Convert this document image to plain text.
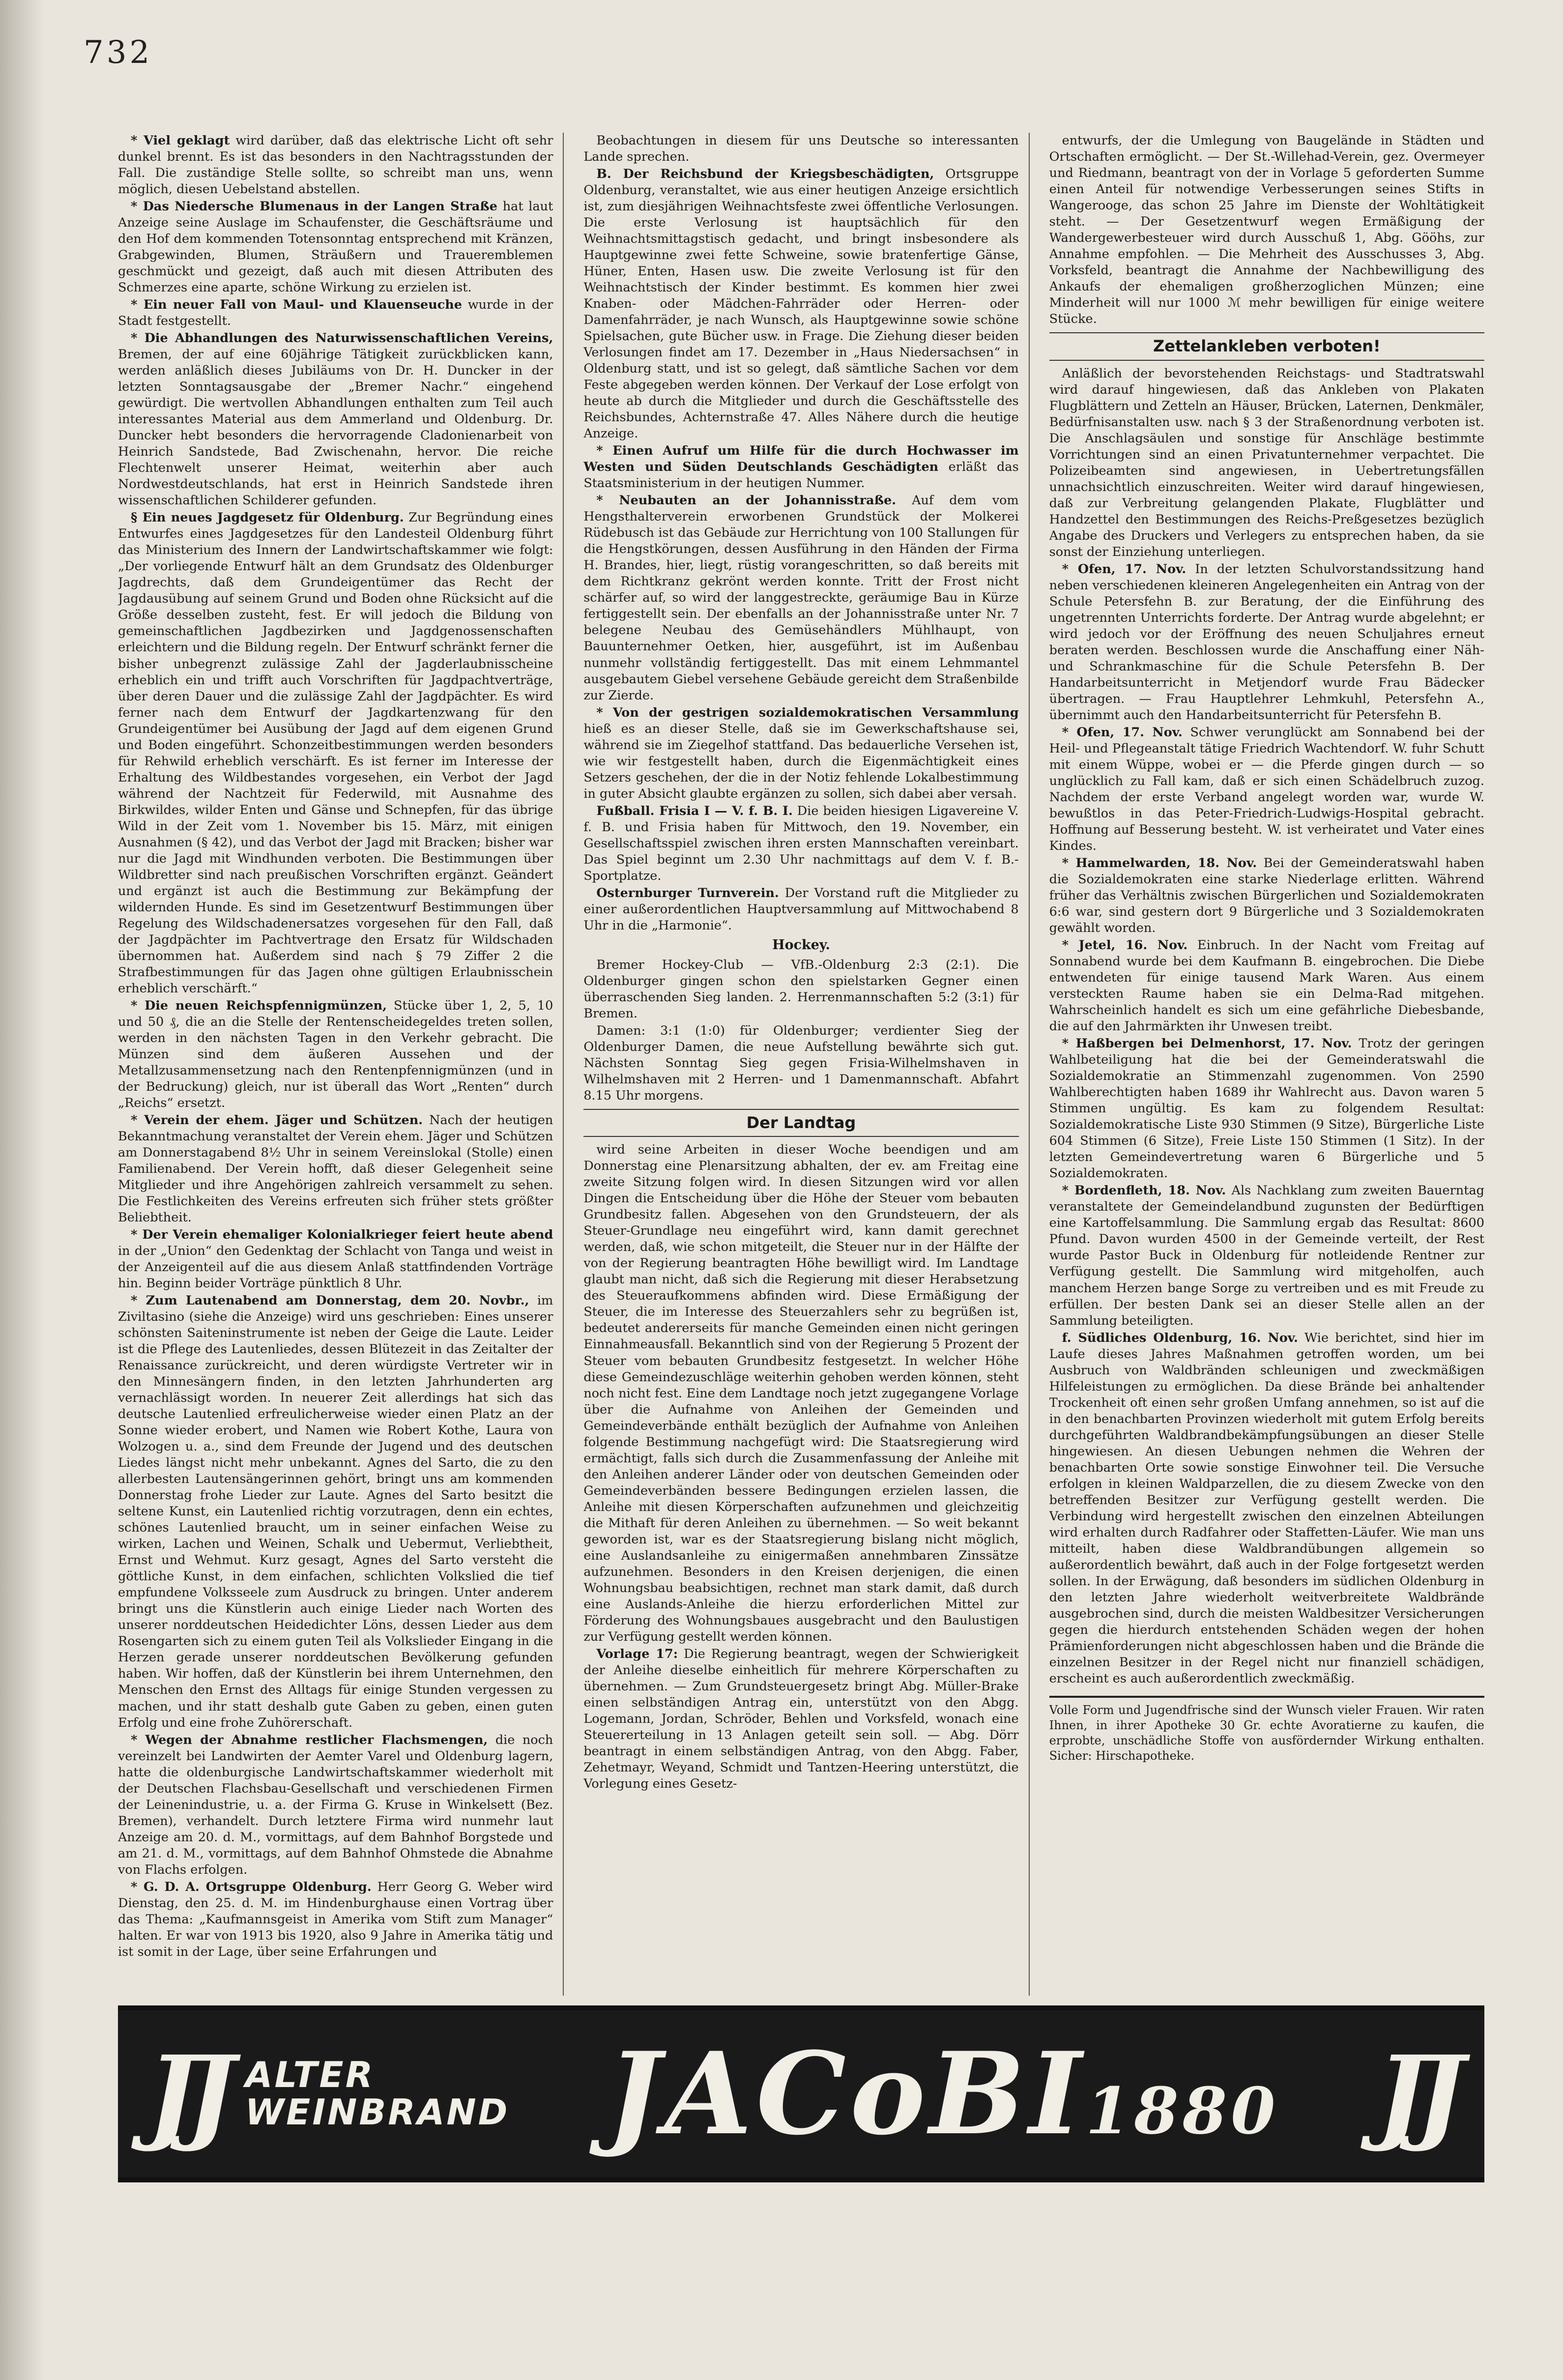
732

* Viel geklagt wird darüber, daß das elektrische Licht oft sehr dunkel brennt. Es ist das besonders in den Nachtragsstunden der Fall. Die zuständige Stelle sollte, so schreibt man uns, wenn möglich, diesen Uebelstand abstellen.

* Das Niedersche Blumenaus in der Langen Straße hat laut Anzeige seine Auslage im Schaufenster, die Geschäftsräume und den Hof dem kommenden Totensonntag entsprechend mit Kränzen, Grabgewinden, Blumen, Sträußern und Traueremblemen geschmückt und gezeigt, daß auch mit diesen Attributen des Schmerzes eine aparte, schöne Wirkung zu erzielen ist.

* Ein neuer Fall von Maul- und Klauenseuche wurde in der Stadt festgestellt.

* Die Abhandlungen des Naturwissenschaftlichen Vereins, Bremen, der auf eine 60jährige Tätigkeit zurückblicken kann, werden anläßlich dieses Jubiläums von Dr. H. Duncker in der letzten Sonntagsausgabe der „Bremer Nachr.“ eingehend gewürdigt. Die wertvollen Abhandlungen enthalten zum Teil auch interessantes Material aus dem Ammerland und Oldenburg. Dr. Duncker hebt besonders die hervorragende Cladonienarbeit von Heinrich Sandstede, Bad Zwischenahn, hervor. Die reiche Flechtenwelt unserer Heimat, weiterhin aber auch Nordwestdeutschlands, hat erst in Heinrich Sandstede ihren wissenschaftlichen Schilderer gefunden.

§ Ein neues Jagdgesetz für Oldenburg. Zur Begründung eines Entwurfes eines Jagdgesetzes für den Landesteil Oldenburg führt das Ministerium des Innern der Landwirtschaftskammer wie folgt: „Der vorliegende Entwurf hält an dem Grundsatz des Oldenburger Jagdrechts, daß dem Grundeigentümer das Recht der Jagdausübung auf seinem Grund und Boden ohne Rücksicht auf die Größe desselben zusteht, fest. Er will jedoch die Bildung von gemeinschaftlichen Jagdbezirken und Jagdgenossenschaften erleichtern und die Bildung regeln. Der Entwurf schränkt ferner die bisher unbegrenzt zulässige Zahl der Jagderlaubnisscheine erheblich ein und trifft auch Vorschriften für Jagdpachtverträge, über deren Dauer und die zulässige Zahl der Jagdpächter. Es wird ferner nach dem Entwurf der Jagdkartenzwang für den Grundeigentümer bei Ausübung der Jagd auf dem eigenen Grund und Boden eingeführt. Schonzeitbestimmungen werden besonders für Rehwild erheblich verschärft. Es ist ferner im Interesse der Erhaltung des Wildbestandes vorgesehen, ein Verbot der Jagd während der Nachtzeit für Federwild, mit Ausnahme des Birkwildes, wilder Enten und Gänse und Schnepfen, für das übrige Wild in der Zeit vom 1. November bis 15. März, mit einigen Ausnahmen (§ 42), und das Verbot der Jagd mit Bracken; bisher war nur die Jagd mit Windhunden verboten. Die Bestimmungen über Wildbretter sind nach preußischen Vorschriften ergänzt. Geändert und ergänzt ist auch die Bestimmung zur Bekämpfung der wildernden Hunde. Es sind im Gesetzentwurf Bestimmungen über Regelung des Wildschadenersatzes vorgesehen für den Fall, daß der Jagdpächter im Pachtvertrage den Ersatz für Wildschaden übernommen hat. Außerdem sind nach § 79 Ziffer 2 die Strafbestimmungen für das Jagen ohne gültigen Erlaubnisschein erheblich verschärft.“

* Die neuen Reichspfennigmünzen, Stücke über 1, 2, 5, 10 und 50 ₰, die an die Stelle der Rentenscheidegeldes treten sollen, werden in den nächsten Tagen in den Verkehr gebracht. Die Münzen sind dem äußeren Aussehen und der Metallzusammensetzung nach den Rentenpfennigmünzen (und in der Bedruckung) gleich, nur ist überall das Wort „Renten“ durch „Reichs“ ersetzt.

* Verein der ehem. Jäger und Schützen. Nach der heutigen Bekanntmachung veranstaltet der Verein ehem. Jäger und Schützen am Donnerstagabend 8½ Uhr in seinem Vereinslokal (Stolle) einen Familienabend. Der Verein hofft, daß dieser Gelegenheit seine Mitglieder und ihre Angehörigen zahlreich versammelt zu sehen. Die Festlichkeiten des Vereins erfreuten sich früher stets größter Beliebtheit.

* Der Verein ehemaliger Kolonialkrieger feiert heute abend in der „Union“ den Gedenktag der Schlacht von Tanga und weist in der Anzeigenteil auf die aus diesem Anlaß stattfindenden Vorträge hin. Beginn beider Vorträge pünktlich 8 Uhr.

* Zum Lautenabend am Donnerstag, dem 20. Novbr., im Ziviltasino (siehe die Anzeige) wird uns geschrieben: Eines unserer schönsten Saiteninstrumente ist neben der Geige die Laute. Leider ist die Pflege des Lautenliedes, dessen Blütezeit in das Zeitalter der Renaissance zurückreicht, und deren würdigste Vertreter wir in den Minnesängern finden, in den letzten Jahrhunderten arg vernachlässigt worden. In neuerer Zeit allerdings hat sich das deutsche Lautenlied erfreulicherweise wieder einen Platz an der Sonne wieder erobert, und Namen wie Robert Kothe, Laura von Wolzogen u. a., sind dem Freunde der Jugend und des deutschen Liedes längst nicht mehr unbekannt. Agnes del Sarto, die zu den allerbesten Lautensängerinnen gehört, bringt uns am kommenden Donnerstag frohe Lieder zur Laute. Agnes del Sarto besitzt die seltene Kunst, ein Lautenlied richtig vorzutragen, denn ein echtes, schönes Lautenlied braucht, um in seiner einfachen Weise zu wirken, Lachen und Weinen, Schalk und Uebermut, Verliebtheit, Ernst und Wehmut. Kurz gesagt, Agnes del Sarto versteht die göttliche Kunst, in dem einfachen, schlichten Volkslied die tief empfundene Volksseele zum Ausdruck zu bringen. Unter anderem bringt uns die Künstlerin auch einige Lieder nach Worten des unserer norddeutschen Heidedichter Löns, dessen Lieder aus dem Rosengarten sich zu einem guten Teil als Volkslieder Eingang in die Herzen gerade unserer norddeutschen Bevölkerung gefunden haben. Wir hoffen, daß der Künstlerin bei ihrem Unternehmen, den Menschen den Ernst des Alltags für einige Stunden vergessen zu machen, und ihr statt deshalb gute Gaben zu geben, einen guten Erfolg und eine frohe Zuhörerschaft.

* Wegen der Abnahme restlicher Flachsmengen, die noch vereinzelt bei Landwirten der Aemter Varel und Oldenburg lagern, hatte die oldenburgische Landwirtschaftskammer wiederholt mit der Deutschen Flachsbau-Gesellschaft und verschiedenen Firmen der Leinenindustrie, u. a. der Firma G. Kruse in Winkelsett (Bez. Bremen), verhandelt. Durch letztere Firma wird nunmehr laut Anzeige am 20. d. M., vormittags, auf dem Bahnhof Borgstede und am 21. d. M., vormittags, auf dem Bahnhof Ohmstede die Abnahme von Flachs erfolgen.

* G. D. A. Ortsgruppe Oldenburg. Herr Georg G. Weber wird Dienstag, den 25. d. M. im Hindenburghause einen Vortrag über das Thema: „Kaufmannsgeist in Amerika vom Stift zum Manager“ halten. Er war von 1913 bis 1920, also 9 Jahre in Amerika tätig und ist somit in der Lage, über seine Erfahrungen und

Beobachtungen in diesem für uns Deutsche so interessanten Lande sprechen.

B. Der Reichsbund der Kriegsbeschädigten, Ortsgruppe Oldenburg, veranstaltet, wie aus einer heutigen Anzeige ersichtlich ist, zum diesjährigen Weihnachtsfeste zwei öffentliche Verlosungen. Die erste Verlosung ist hauptsächlich für den Weihnachtsmittagstisch gedacht, und bringt insbesondere als Hauptgewinne zwei fette Schweine, sowie bratenfertige Gänse, Hüner, Enten, Hasen usw. Die zweite Verlosung ist für den Weihnachtstisch der Kinder bestimmt. Es kommen hier zwei Knaben- oder Mädchen-Fahrräder oder Herren- oder Damenfahrräder, je nach Wunsch, als Hauptgewinne sowie schöne Spielsachen, gute Bücher usw. in Frage. Die Ziehung dieser beiden Verlosungen findet am 17. Dezember in „Haus Niedersachsen“ in Oldenburg statt, und ist so gelegt, daß sämtliche Sachen vor dem Feste abgegeben werden können. Der Verkauf der Lose erfolgt von heute ab durch die Mitglieder und durch die Geschäftsstelle des Reichsbundes, Achternstraße 47. Alles Nähere durch die heutige Anzeige.

* Einen Aufruf um Hilfe für die durch Hochwasser im Westen und Süden Deutschlands Geschädigten erläßt das Staatsministerium in der heutigen Nummer.

* Neubauten an der Johannisstraße. Auf dem vom Hengsthalterverein erworbenen Grundstück der Molkerei Rüdebusch ist das Gebäude zur Herrichtung von 100 Stallungen für die Hengstkörungen, dessen Ausführung in den Händen der Firma H. Brandes, hier, liegt, rüstig vorangeschritten, so daß bereits mit dem Richtkranz gekrönt werden konnte. Tritt der Frost nicht schärfer auf, so wird der langgestreckte, geräumige Bau in Kürze fertiggestellt sein. Der ebenfalls an der Johannisstraße unter Nr. 7 belegene Neubau des Gemüsehändlers Mühlhaupt, von Bauunternehmer Oetken, hier, ausgeführt, ist im Außenbau nunmehr vollständig fertiggestellt. Das mit einem Lehmmantel ausgebautem Giebel versehene Gebäude gereicht dem Straßenbilde zur Zierde.

* Von der gestrigen sozialdemokratischen Versammlung hieß es an dieser Stelle, daß sie im Gewerkschaftshause sei, während sie im Ziegelhof stattfand. Das bedauerliche Versehen ist, wie wir festgestellt haben, durch die Eigenmächtigkeit eines Setzers geschehen, der die in der Notiz fehlende Lokalbestimmung in guter Absicht glaubte ergänzen zu sollen, sich dabei aber versah.

Fußball. Frisia I — V. f. B. I. Die beiden hiesigen Ligavereine V. f. B. und Frisia haben für Mittwoch, den 19. November, ein Gesellschaftsspiel zwischen ihren ersten Mannschaften vereinbart. Das Spiel beginnt um 2.30 Uhr nachmittags auf dem V. f. B.-Sportplatze.

Osternburger Turnverein. Der Vorstand ruft die Mitglieder zu einer außerordentlichen Hauptversammlung auf Mittwochabend 8 Uhr in die „Harmonie“.

Hockey.

Bremer Hockey-Club — VfB.-Oldenburg 2:3 (2:1). Die Oldenburger gingen schon den spielstarken Gegner einen überraschenden Sieg landen. 2. Herrenmannschaften 5:2 (3:1) für Bremen.

Damen: 3:1 (1:0) für Oldenburger; verdienter Sieg der Oldenburger Damen, die neue Aufstellung bewährte sich gut. Nächsten Sonntag Sieg gegen Frisia-Wilhelmshaven in Wilhelmshaven mit 2 Herren- und 1 Damenmannschaft. Abfahrt 8.15 Uhr morgens.

Der Landtag

wird seine Arbeiten in dieser Woche beendigen und am Donnerstag eine Plenarsitzung abhalten, der ev. am Freitag eine zweite Sitzung folgen wird. In diesen Sitzungen wird vor allen Dingen die Entscheidung über die Höhe der Steuer vom bebauten Grundbesitz fallen. Abgesehen von den Grundsteuern, der als Steuer-Grundlage neu eingeführt wird, kann damit gerechnet werden, daß, wie schon mitgeteilt, die Steuer nur in der Hälfte der von der Regierung beantragten Höhe bewilligt wird. Im Landtage glaubt man nicht, daß sich die Regierung mit dieser Herabsetzung des Steueraufkommens abfinden wird. Diese Ermäßigung der Steuer, die im Interesse des Steuerzahlers sehr zu begrüßen ist, bedeutet andererseits für manche Gemeinden einen nicht geringen Einnahmeausfall. Bekanntlich sind von der Regierung 5 Prozent der Steuer vom bebauten Grundbesitz festgesetzt. In welcher Höhe diese Gemeindezuschläge weiterhin gehoben werden können, steht noch nicht fest. Eine dem Landtage noch jetzt zugegangene Vorlage über die Aufnahme von Anleihen der Gemeinden und Gemeindeverbände enthält bezüglich der Aufnahme von Anleihen folgende Bestimmung nachgefügt wird: Die Staatsregierung wird ermächtigt, falls sich durch die Zusammenfassung der Anleihe mit den Anleihen anderer Länder oder von deutschen Gemeinden oder Gemeindeverbänden bessere Bedingungen erzielen lassen, die Anleihe mit diesen Körperschaften aufzunehmen und gleichzeitig die Mithaft für deren Anleihen zu übernehmen. — So weit bekannt geworden ist, war es der Staatsregierung bislang nicht möglich, eine Auslandsanleihe zu einigermaßen annehmbaren Zinssätze aufzunehmen. Besonders in den Kreisen derjenigen, die einen Wohnungsbau beabsichtigen, rechnet man stark damit, daß durch eine Auslands-Anleihe die hierzu erforderlichen Mittel zur Förderung des Wohnungsbaues ausgebracht und den Baulustigen zur Verfügung gestellt werden können.

Vorlage 17: Die Regierung beantragt, wegen der Schwierigkeit der Anleihe dieselbe einheitlich für mehrere Körperschaften zu übernehmen. — Zum Grundsteuergesetz bringt Abg. Müller-Brake einen selbständigen Antrag ein, unterstützt von den Abgg. Logemann, Jordan, Schröder, Behlen und Vorksfeld, wonach eine Steuererteilung in 13 Anlagen geteilt sein soll. — Abg. Dörr beantragt in einem selbständigen Antrag, von den Abgg. Faber, Zehetmayr, Weyand, Schmidt und Tantzen-Heering unterstützt, die Vorlegung eines Gesetz-

entwurfs, der die Umlegung von Baugelände in Städten und Ortschaften ermöglicht. — Der St.-Willehad-Verein, gez. Overmeyer und Riedmann, beantragt von der in Vorlage 5 geforderten Summe einen Anteil für notwendige Verbesserungen seines Stifts in Wangerooge, das schon 25 Jahre im Dienste der Wohltätigkeit steht. — Der Gesetzentwurf wegen Ermäßigung der Wandergewerbesteuer wird durch Ausschuß 1, Abg. Gööhs, zur Annahme empfohlen. — Die Mehrheit des Ausschusses 3, Abg. Vorksfeld, beantragt die Annahme der Nachbewilligung des Ankaufs der ehemaligen großherzoglichen Münzen; eine Minderheit will nur 1000 ℳ mehr bewilligen für einige weitere Stücke.

Zettelankleben verboten!

Anläßlich der bevorstehenden Reichstags- und Stadtratswahl wird darauf hingewiesen, daß das Ankleben von Plakaten Flugblättern und Zetteln an Häuser, Brücken, Laternen, Denkmäler, Bedürfnisanstalten usw. nach § 3 der Straßenordnung verboten ist. Die Anschlagsäulen und sonstige für Anschläge bestimmte Vorrichtungen sind an einen Privatunternehmer verpachtet. Die Polizeibeamten sind angewiesen, in Uebertretungsfällen unnachsichtlich einzuschreiten. Weiter wird darauf hingewiesen, daß zur Verbreitung gelangenden Plakate, Flugblätter und Handzettel den Bestimmungen des Reichs-Preßgesetzes bezüglich Angabe des Druckers und Verlegers zu entsprechen haben, da sie sonst der Einziehung unterliegen.

* Ofen, 17. Nov. In der letzten Schulvorstandssitzung hand neben verschiedenen kleineren Angelegenheiten ein Antrag von der Schule Petersfehn B. zur Beratung, der die Einführung des ungetrennten Unterrichts forderte. Der Antrag wurde abgelehnt; er wird jedoch vor der Eröffnung des neuen Schuljahres erneut beraten werden. Beschlossen wurde die Anschaffung einer Näh- und Schrankmaschine für die Schule Petersfehn B. Der Handarbeitsunterricht in Metjendorf wurde Frau Bädecker übertragen. — Frau Hauptlehrer Lehmkuhl, Petersfehn A., übernimmt auch den Handarbeitsunterricht für Petersfehn B.

* Ofen, 17. Nov. Schwer verunglückt am Sonnabend bei der Heil- und Pflegeanstalt tätige Friedrich Wachtendorf. W. fuhr Schutt mit einem Wüppe, wobei er — die Pferde gingen durch — so unglücklich zu Fall kam, daß er sich einen Schädelbruch zuzog. Nachdem der erste Verband angelegt worden war, wurde W. bewußtlos in das Peter-Friedrich-Ludwigs-Hospital gebracht. Hoffnung auf Besserung besteht. W. ist verheiratet und Vater eines Kindes.

* Hammelwarden, 18. Nov. Bei der Gemeinderatswahl haben die Sozialdemokraten eine starke Niederlage erlitten. Während früher das Verhältnis zwischen Bürgerlichen und Sozialdemokraten 6:6 war, sind gestern dort 9 Bürgerliche und 3 Sozialdemokraten gewählt worden.

* Jetel, 16. Nov. Einbruch. In der Nacht vom Freitag auf Sonnabend wurde bei dem Kaufmann B. eingebrochen. Die Diebe entwendeten für einige tausend Mark Waren. Aus einem versteckten Raume haben sie ein Delma-Rad mitgehen. Wahrscheinlich handelt es sich um eine gefährliche Diebesbande, die auf den Jahrmärkten ihr Unwesen treibt.

* Haßbergen bei Delmenhorst, 17. Nov. Trotz der geringen Wahlbeteiligung hat die bei der Gemeinderatswahl die Sozialdemokratie an Stimmenzahl zugenommen. Von 2590 Wahlberechtigten haben 1689 ihr Wahlrecht aus. Davon waren 5 Stimmen ungültig. Es kam zu folgendem Resultat: Sozialdemokratische Liste 930 Stimmen (9 Sitze), Bürgerliche Liste 604 Stimmen (6 Sitze), Freie Liste 150 Stimmen (1 Sitz). In der letzten Gemeindevertretung waren 6 Bürgerliche und 5 Sozialdemokraten.

* Bordenfleth, 18. Nov. Als Nachklang zum zweiten Bauerntag veranstaltete der Gemeindelandbund zugunsten der Bedürftigen eine Kartoffelsammlung. Die Sammlung ergab das Resultat: 8600 Pfund. Davon wurden 4500 in der Gemeinde verteilt, der Rest wurde Pastor Buck in Oldenburg für notleidende Rentner zur Verfügung gestellt. Die Sammlung wird mitgeholfen, auch manchem Herzen bange Sorge zu vertreiben und es mit Freude zu erfüllen. Der besten Dank sei an dieser Stelle allen an der Sammlung beteiligten.

f. Südliches Oldenburg, 16. Nov. Wie berichtet, sind hier im Laufe dieses Jahres Maßnahmen getroffen worden, um bei Ausbruch von Waldbränden schleunigen und zweckmäßigen Hilfeleistungen zu ermöglichen. Da diese Brände bei anhaltender Trockenheit oft einen sehr großen Umfang annehmen, so ist auf die in den benachbarten Provinzen wiederholt mit gutem Erfolg bereits durchgeführten Waldbrandbekämpfungsübungen an dieser Stelle hingewiesen. An diesen Uebungen nehmen die Wehren der benachbarten Orte sowie sonstige Einwohner teil. Die Versuche erfolgen in kleinen Waldparzellen, die zu diesem Zwecke von den betreffenden Besitzer zur Verfügung gestellt werden. Die Verbindung wird hergestellt zwischen den einzelnen Abteilungen wird erhalten durch Radfahrer oder Staffetten-Läufer. Wie man uns mitteilt, haben diese Waldbrandübungen allgemein so außerordentlich bewährt, daß auch in der Folge fortgesetzt werden sollen. In der Erwägung, daß besonders im südlichen Oldenburg in den letzten Jahre wiederholt weitverbreitete Waldbrände ausgebrochen sind, durch die meisten Waldbesitzer Versicherungen gegen die hierdurch entstehenden Schäden wegen der hohen Prämienforderungen nicht abgeschlossen haben und die Brände die einzelnen Besitzer in der Regel nicht nur finanziell schädigen, erscheint es auch außerordentlich zweckmäßig.

Volle Form und Jugendfrische sind der Wunsch vieler Frauen. Wir raten Ihnen, in ihrer Apotheke 30 Gr. echte Avoratierne zu kaufen, die erprobte, unschädliche Stoffe von ausfördernder Wirkung enthalten. Sicher: Hirschapotheke.
JJ ALTER
WEINBRAND JACoBI1880 JJ
